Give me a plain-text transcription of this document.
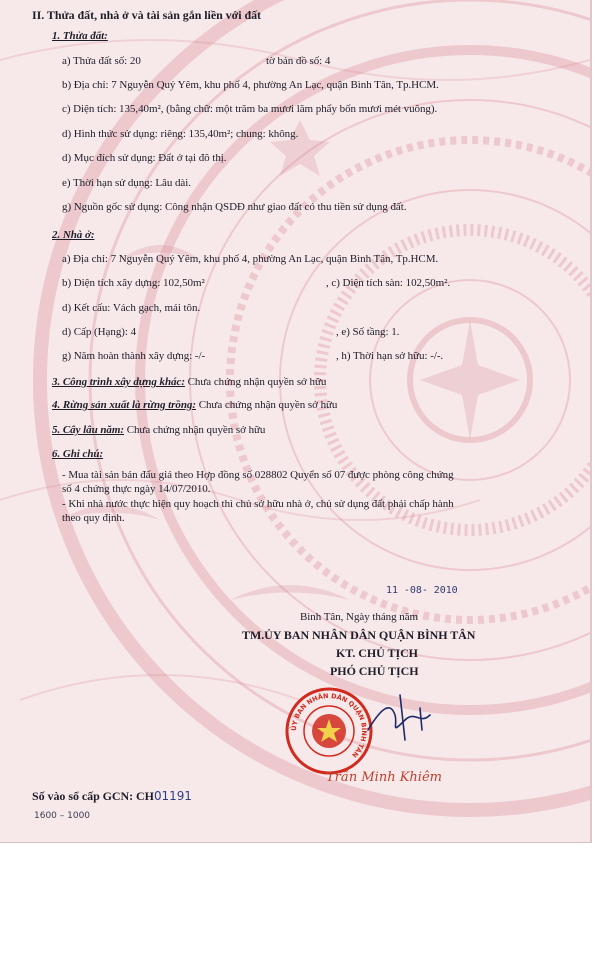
II. Thửa đất, nhà ở và tài sản gắn liền với đất
1. Thửa đất:
a) Thửa đất số: 20	tờ bản đồ số: 4
b) Địa chỉ: 7 Nguyễn Quý Yêm, khu phố 4, phường An Lạc, quận Bình Tân, Tp.HCM.
c) Diện tích: 135,40m², (bằng chữ: một trăm ba mươi lăm phẩy bốn mươi mét vuông).
d) Hình thức sử dụng: riêng: 135,40m²; chung: không.
d) Mục đích sử dụng: Đất ở tại đô thị.
e) Thời hạn sử dụng: Lâu dài.
g) Nguồn gốc sử dụng: Công nhận QSDĐ như giao đất có thu tiền sử dụng đất.
2. Nhà ở:
a) Địa chỉ: 7 Nguyễn Quý Yêm, khu phố 4, phường An Lạc, quận Bình Tân, Tp.HCM.
b) Diện tích xây dựng: 102,50m²	, c) Diện tích sàn: 102,50m².
d) Kết cấu: Vách gạch, mái tôn.
d) Cấp (Hạng): 4	, e) Số tầng: 1.
g) Năm hoàn thành xây dựng: -/-	, h) Thời hạn sở hữu: -/-.
3. Công trình xây dựng khác: Chưa chứng nhận quyền sở hữu
4. Rừng sản xuất là rừng trồng: Chưa chứng nhận quyền sở hữu
5. Cây lâu năm: Chưa chứng nhận quyền sở hữu
6. Ghi chú:
- Mua tài sản bán đấu giá theo Hợp đồng số 028802 Quyển số 07 được phòng công chứng
số 4 chứng thực ngày 14/07/2010.
- Khi nhà nước thực hiện quy hoạch thì chủ sở hữu nhà ở, chủ sử dụng đất phải chấp hành
theo quy định.
11 -08- 2010
Bình Tân, Ngày tháng năm
TM.ỦY BAN NHÂN DÂN QUẬN BÌNH TÂN
KT. CHỦ TỊCH
PHÓ CHỦ TỊCH
ỦY BAN NHÂN DÂN QUẬN BÌNH TÂN
Trần Minh Khiêm
Số vào sổ cấp GCN: CH01191
1600 – 1000
